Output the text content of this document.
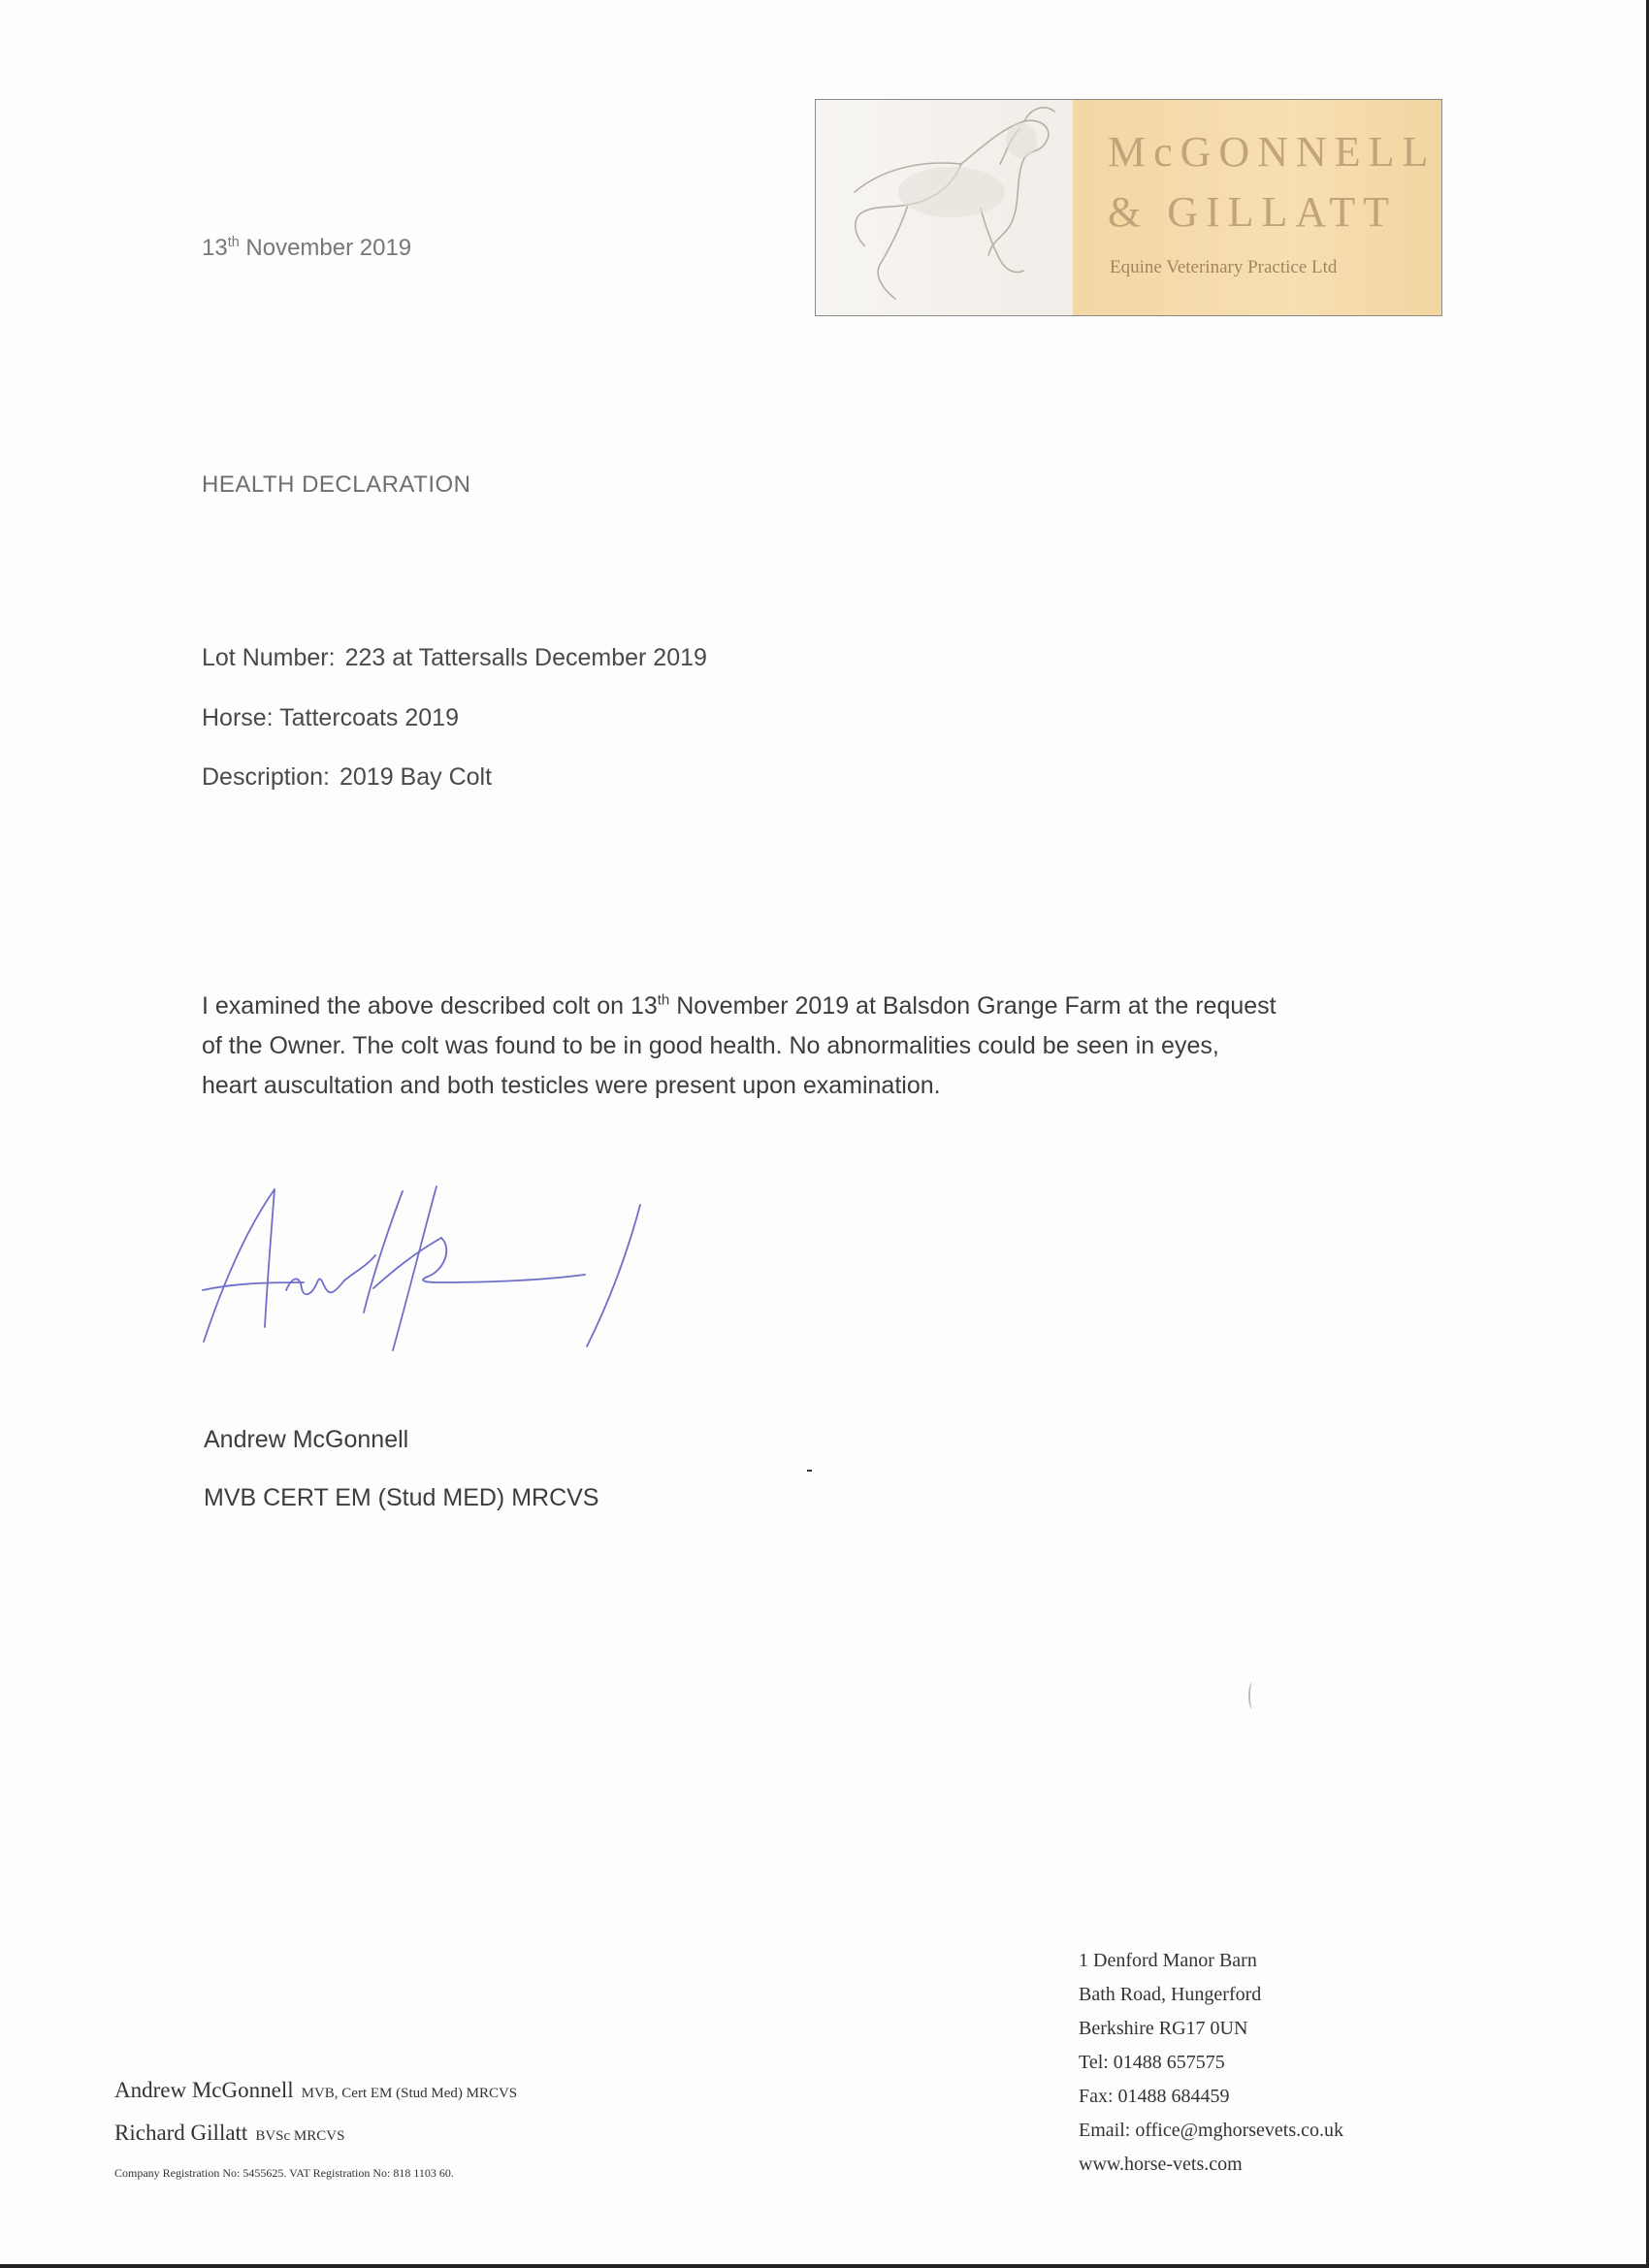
McGONNELL
& GILLATT
Equine Veterinary Practice Ltd
13th November 2019
HEALTH DECLARATION
Lot Number: 223 at Tattersalls December 2019
Horse: Tattercoats 2019
Description: 2019 Bay Colt
I examined the above described colt on 13th November 2019 at Balsdon Grange Farm at the request
of the Owner. The colt was found to be in good health. No abnormalities could be seen in eyes,
heart auscultation and both testicles were present upon examination.
Andrew McGonnell
MVB CERT EM (Stud MED) MRCVS
1 Denford Manor Barn
Bath Road, Hungerford
Berkshire RG17 0UN
Tel: 01488 657575
Fax: 01488 684459
Email: office@mghorsevets.co.uk
www.horse-vets.com
Andrew McGonnell MVB, Cert EM (Stud Med) MRCVS
Richard Gillatt BVSc MRCVS
Company Registration No: 5455625. VAT Registration No: 818 1103 60.
